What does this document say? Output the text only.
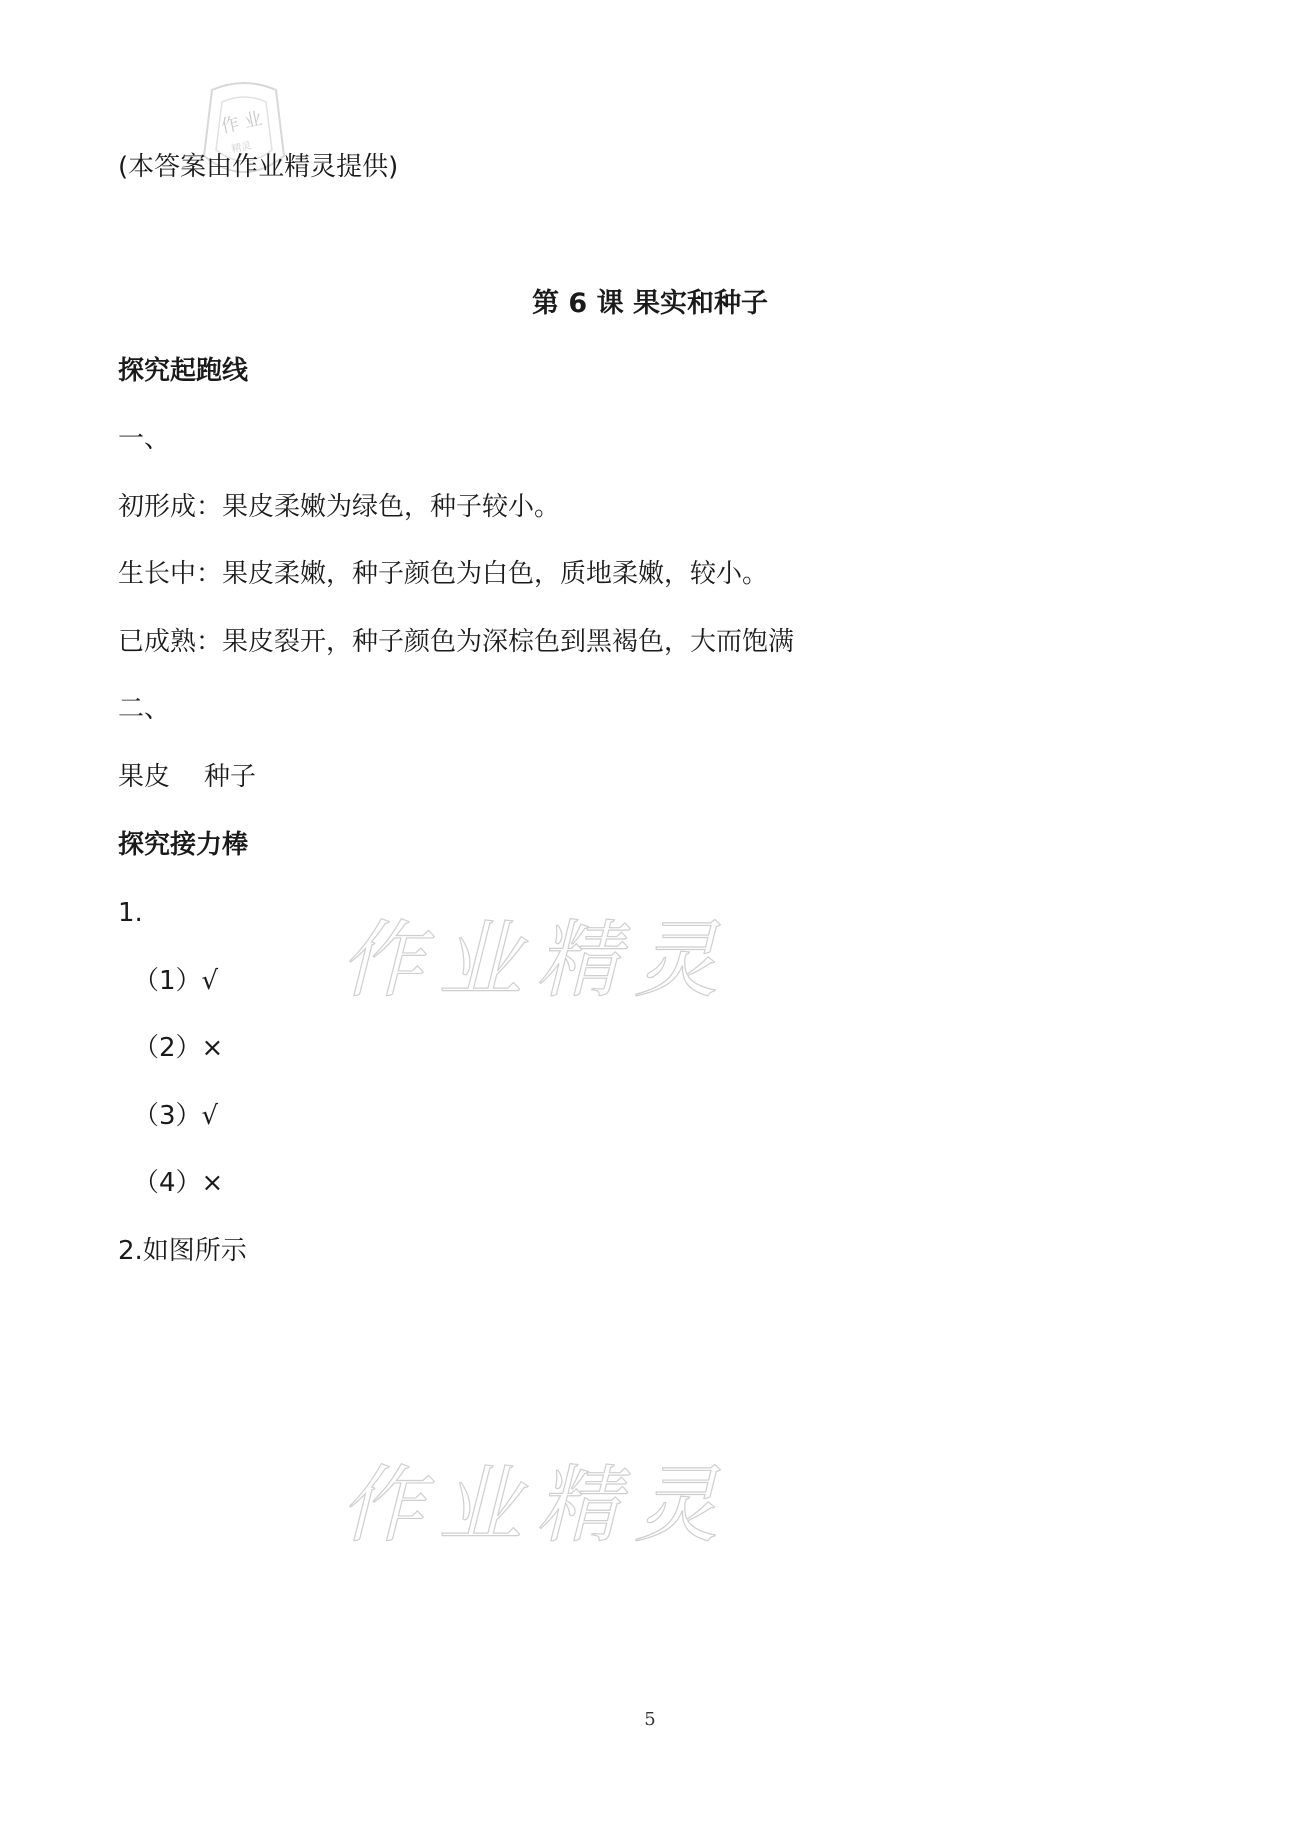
作 业
精灵
(本答案由作业精灵提供)
第 6 课 果实和种子
探究起跑线
一、
初形成：果皮柔嫩为绿色，种子较小。
生长中：果皮柔嫩，种子颜色为白色，质地柔嫩，较小。
已成熟：果皮裂开，种子颜色为深棕色到黑褐色，大而饱满
二、
果皮 种子
探究接力棒
1.
（1）√
（2）×
（3）√
（4）×
2.如图所示
作业精灵
作业精灵
5
